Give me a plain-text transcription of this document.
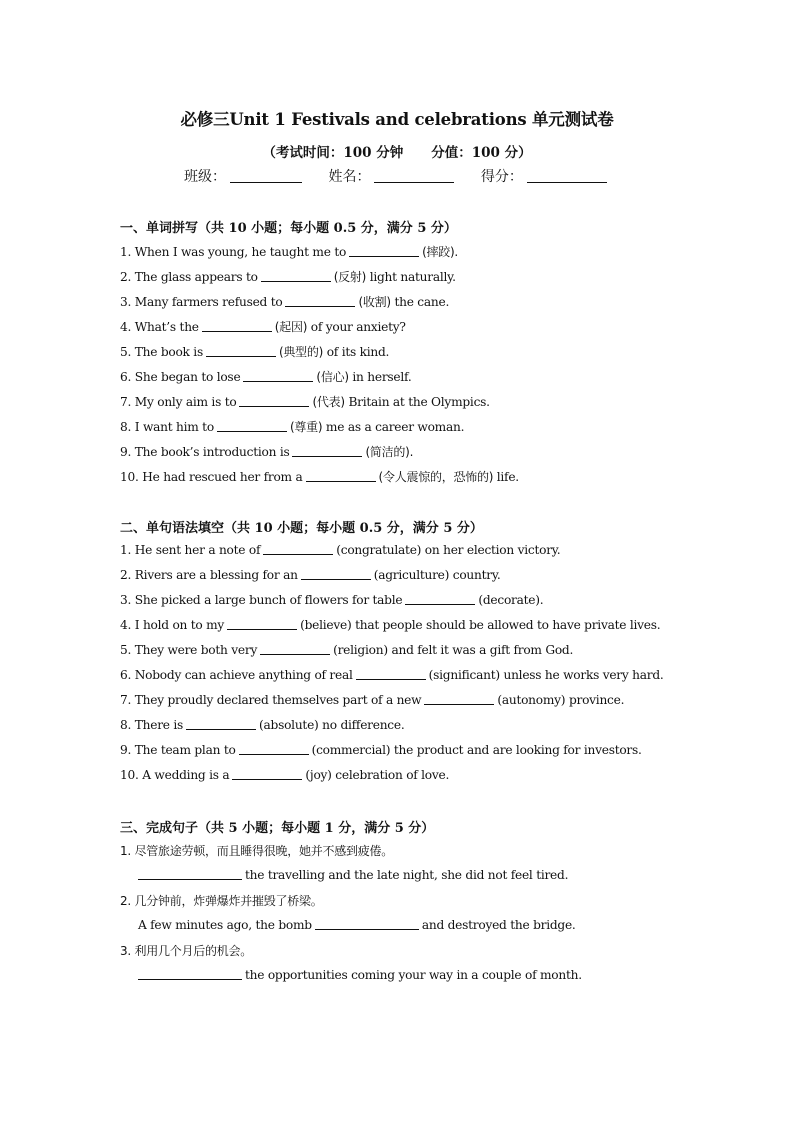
必修三Unit 1 Festivals and celebrations 单元测试卷
（考试时间：100 分钟 分值：100 分）
班级：	姓名：	得分：
一、单词拼写（共 10 小题；每小题 0.5 分，满分 5 分）
1. When I was young, he taught me to	(摔跤).
2. The glass appears to	(反射) light naturally.
3. Many farmers refused to	(收割) the cane.
4. What’s the	(起因) of your anxiety?
5. The book is	(典型的) of its kind.
6. She began to lose	(信心) in herself.
7. My only aim is to	(代表) Britain at the Olympics.
8. I want him to	(尊重) me as a career woman.
9. The book’s introduction is	(简洁的).
10. He had rescued her from a	(令人震惊的，恐怖的) life.
二、单句语法填空（共 10 小题；每小题 0.5 分，满分 5 分）
1. He sent her a note of	(congratulate) on her election victory.
2. Rivers are a blessing for an	(agriculture) country.
3. She picked a large bunch of flowers for table	(decorate).
4. I hold on to my	(believe) that people should be allowed to have private lives.
5. They were both very	(religion) and felt it was a gift from God.
6. Nobody can achieve anything of real	(significant) unless he works very hard.
7. They proudly declared themselves part of a new	(autonomy) province.
8. There is	(absolute) no difference.
9. The team plan to	(commercial) the product and are looking for investors.
10. A wedding is a	(joy) celebration of love.
三、完成句子（共 5 小题；每小题 1 分，满分 5 分）
1. 尽管旅途劳顿，而且睡得很晚，她并不感到疲倦。
the travelling and the late night, she did not feel tired.
2. 几分钟前，炸弹爆炸并摧毁了桥梁。
A few minutes ago, the bomb	and destroyed the bridge.
3. 利用几个月后的机会。
the opportunities coming your way in a couple of month.
